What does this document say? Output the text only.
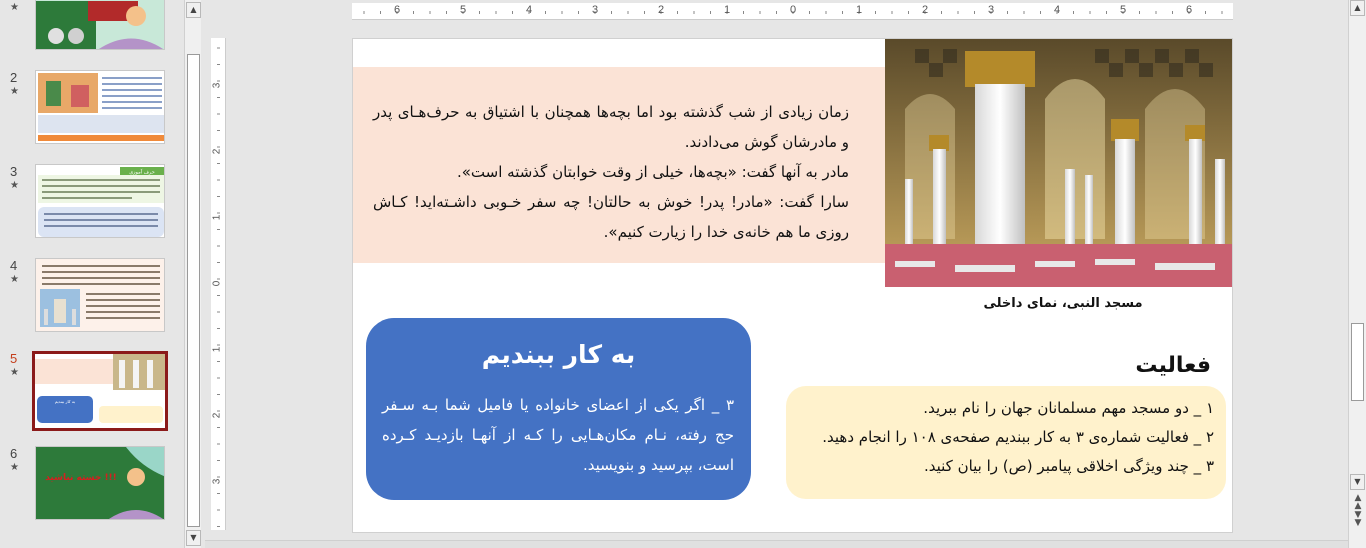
★
2
★
3
★
حرف آموزی
4
★
5
★
به کار ببندیم
6
★
خسته نباشید !!!
▲
▼
6	5	4	3	2	1	0	1	2	3	4	5	6
3
2
1
0
1
2
3

زمان زیادی از شب گذشته بود اما بچه‌ها همچنان با اشتیاق به حرف‌هـای پدر و مادرشان گوش می‌دادند.

مادر به آنها گفت: «بچه‌ها، خیلی از وقت خوابتان گذشته است».

سارا گفت: «مادر! پدر! خوش به حالتان! چه سفر خـوبی داشـته‌اید! کـاش روزی ما هم خانه‌ی خدا را زیارت کنیم».

مسجد النبی، نمای داخلی
به کار ببندیم
۳ _ اگر یکی از اعضای خانواده یا فامیل شما بـه سـفر حج رفته، نـام مکان‌هـایی را کـه از آنهـا بازدیـد کـرده است، بپرسید و بنویسید.
فعالیت
۱ _ دو مسجد مهم مسلمانان جهان را نام ببرید.
۲ _ فعالیت شماره‌ی ۳ به کار ببندیم صفحه‌ی ۱۰۸ را انجام دهید.
۳ _ چند ویژگی اخلاقی پیامبر (ص) را بیان کنید.
▲
▼
▲
▲
▼
▼
